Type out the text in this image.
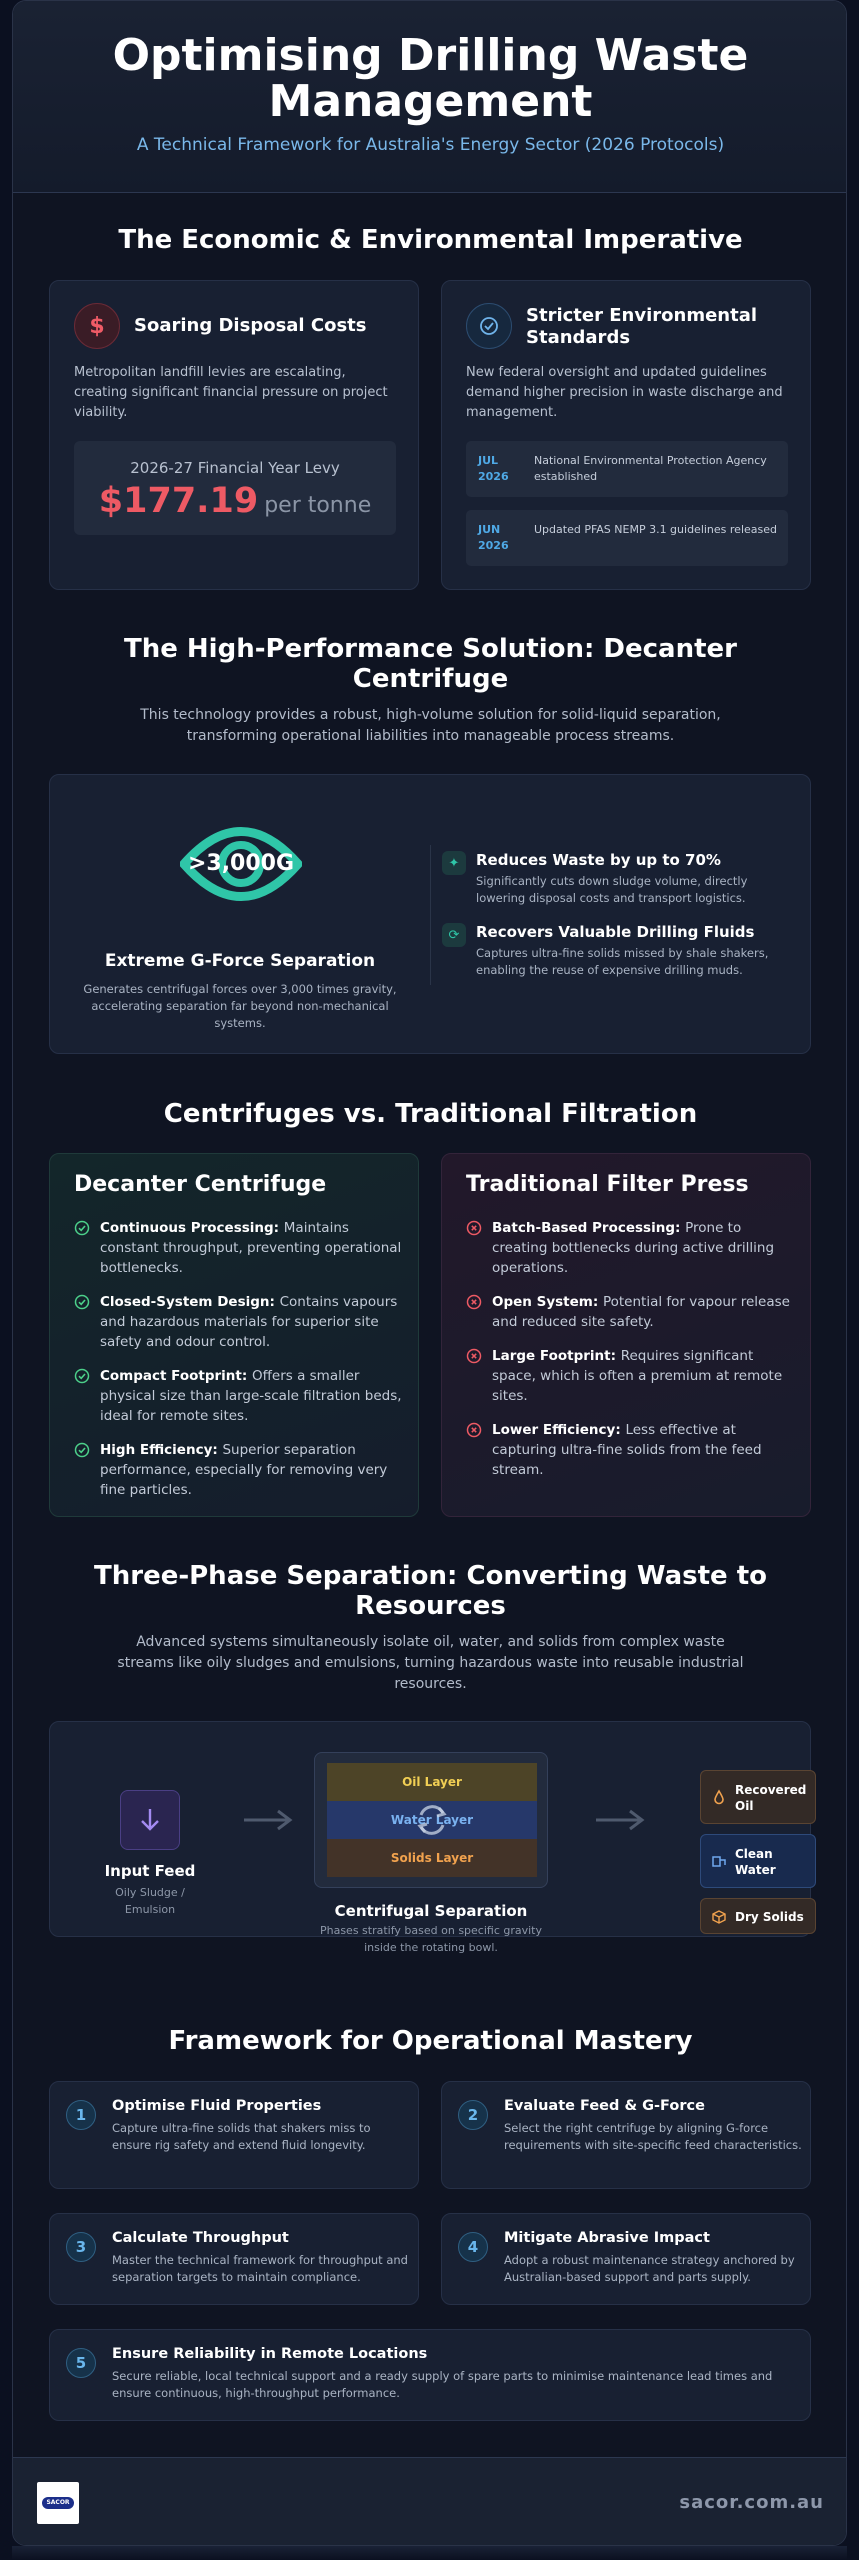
Optimising Drilling Waste Management
A Technical Framework for Australia's Energy Sector (2026 Protocols)
The Economic & Environmental Imperative
$ Soaring Disposal Costs

Metropolitan landfill levies are escalating, creating significant financial pressure on project viability.

2026-27 Financial Year Levy
$177.19 per tonne
Stricter Environmental Standards

New federal oversight and updated guidelines demand higher precision in waste discharge and management.

JUL
2026
National Environmental Protection Agency established
JUN
2026
Updated PFAS NEMP 3.1 guidelines released
The High-Performance Solution: Decanter Centrifuge
This technology provides a robust, high-volume solution for solid-liquid separation, transforming operational liabilities into manageable process streams.
>3,000G
Extreme G-Force Separation
Generates centrifugal forces over 3,000 times gravity, accelerating separation far beyond non-mechanical systems.
✦ Reduces Waste by up to 70%
Significantly cuts down sludge volume, directly lowering disposal costs and transport logistics.
⟳ Recovers Valuable Drilling Fluids
Captures ultra-fine solids missed by shale shakers, enabling the reuse of expensive drilling muds.
Centrifuges vs. Traditional Filtration
Decanter Centrifuge
Continuous Processing: Maintains constant throughput, preventing operational bottlenecks.
Closed-System Design: Contains vapours and hazardous materials for superior site safety and odour control.
Compact Footprint: Offers a smaller physical size than large-scale filtration beds, ideal for remote sites.
High Efficiency: Superior separation performance, especially for removing very fine particles.
Traditional Filter Press
Batch-Based Processing: Prone to creating bottlenecks during active drilling operations.
Open System: Potential for vapour release and reduced site safety.
Large Footprint: Requires significant space, which is often a premium at remote sites.
Lower Efficiency: Less effective at capturing ultra-fine solids from the feed stream.
Three-Phase Separation: Converting Waste to Resources
Advanced systems simultaneously isolate oil, water, and solids from complex waste streams like oily sludges and emulsions, turning hazardous waste into reusable industrial resources.
Input Feed
Oily Sludge / Emulsion
Oil Layer
Water Layer
Solids Layer
Centrifugal Separation
Phases stratify based on specific gravity inside the rotating bowl.
Recovered Oil
Clean Water
Dry Solids
Framework for Operational Mastery
1	Optimise Fluid Properties
Capture ultra-fine solids that shakers miss to ensure rig safety and extend fluid longevity.
2	Evaluate Feed & G-Force
Select the right centrifuge by aligning G-force requirements with site-specific feed characteristics.
3	Calculate Throughput
Master the technical framework for throughput and separation targets to maintain compliance.
4	Mitigate Abrasive Impact
Adopt a robust maintenance strategy anchored by Australian-based support and parts supply.
5	Ensure Reliability in Remote Locations
Secure reliable, local technical support and a ready supply of spare parts to minimise maintenance lead times and ensure continuous, high-throughput performance.
SACOR	sacor.com.au
